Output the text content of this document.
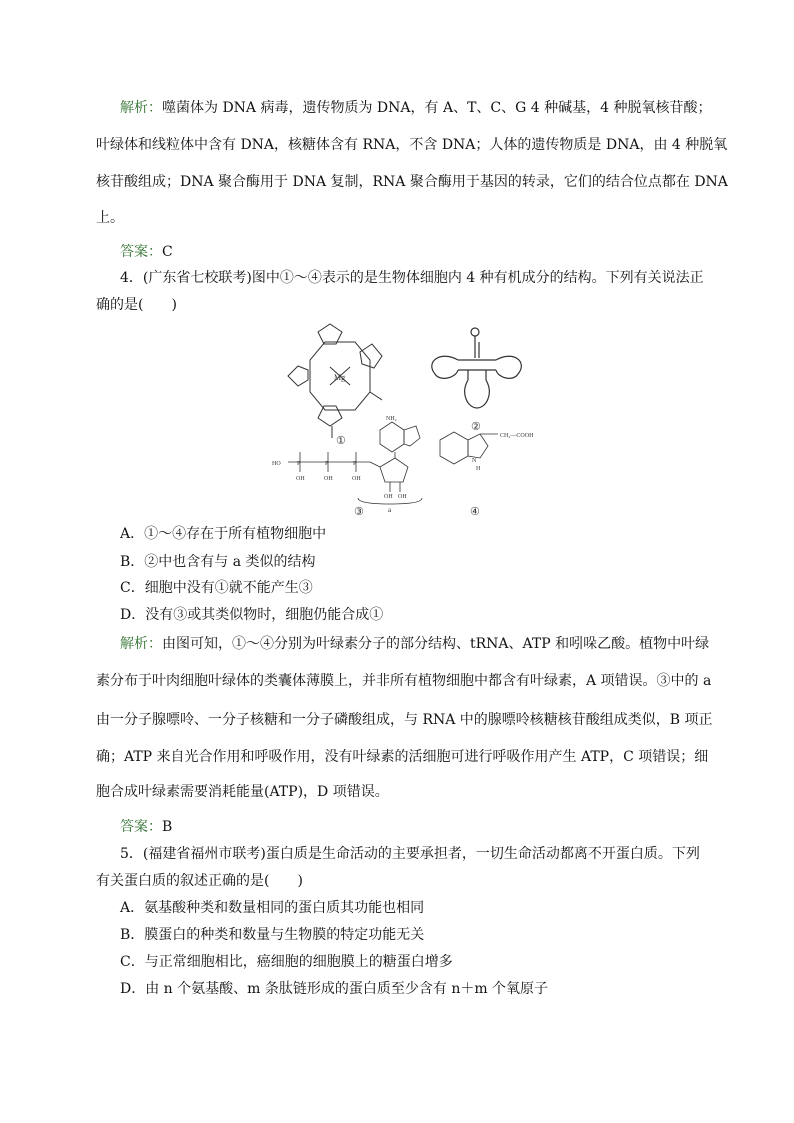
解析：噬菌体为 DNA 病毒，遗传物质为 DNA，有 A、T、C、G 4 种碱基，4 种脱氧核苷酸；
叶绿体和线粒体中含有 DNA，核糖体含有 RNA，不含 DNA；人体的遗传物质是 DNA，由 4 种脱氧
核苷酸组成；DNA 聚合酶用于 DNA 复制，RNA 聚合酶用于基因的转录，它们的结合位点都在 DNA
上。
答案：C
4．(广东省七校联考)图中①～④表示的是生物体细胞内 4 种有机成分的结构。下列有关说法正
确的是(　　)
Mg
①
②
HO	P	P	P
OH	OH	OH
NH₂
OH OH
a
③
CH₂—COOH
H
N
④
A．①～④存在于所有植物细胞中
B．②中也含有与 a 类似的结构
C．细胞中没有①就不能产生③
D．没有③或其类似物时，细胞仍能合成①
解析：由图可知，①～④分别为叶绿素分子的部分结构、tRNA、ATP 和吲哚乙酸。植物中叶绿
素分布于叶肉细胞叶绿体的类囊体薄膜上，并非所有植物细胞中都含有叶绿素，A 项错误。③中的 a
由一分子腺嘌呤、一分子核糖和一分子磷酸组成，与 RNA 中的腺嘌呤核糖核苷酸组成类似，B 项正
确；ATP 来自光合作用和呼吸作用，没有叶绿素的活细胞可进行呼吸作用产生 ATP，C 项错误；细
胞合成叶绿素需要消耗能量(ATP)，D 项错误。
答案：B
5．(福建省福州市联考)蛋白质是生命活动的主要承担者，一切生命活动都离不开蛋白质。下列
有关蛋白质的叙述正确的是(　　)
A．氨基酸种类和数量相同的蛋白质其功能也相同
B．膜蛋白的种类和数量与生物膜的特定功能无关
C．与正常细胞相比，癌细胞的细胞膜上的糖蛋白增多
D．由 n 个氨基酸、m 条肽链形成的蛋白质至少含有 n＋m 个氧原子
